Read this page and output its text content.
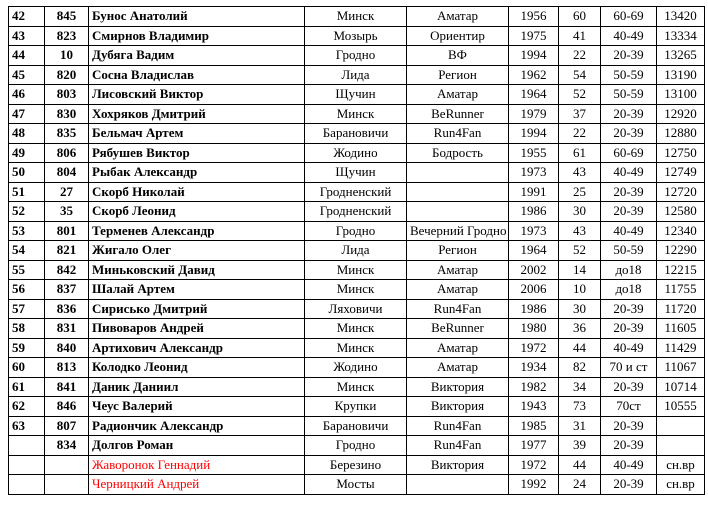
42	845	Бунос Анатолий	Минск	Аматар	1956	60	60-69	13420
43	823	Смирнов Владимир	Мозырь	Ориентир	1975	41	40-49	13334
44	10	Дубяга Вадим	Гродно	ВФ	1994	22	20-39	13265
45	820	Сосна Владислав	Лида	Регион	1962	54	50-59	13190
46	803	Лисовский Виктор	Щучин	Аматар	1964	52	50-59	13100
47	830	Хохряков Дмитрий	Минск	BeRunner	1979	37	20-39	12920
48	835	Бельмач Артем	Барановичи	Run4Fan	1994	22	20-39	12880
49	806	Рябушев Виктор	Жодино	Бодрость	1955	61	60-69	12750
50	804	Рыбак Александр	Щучин		1973	43	40-49	12749
51	27	Скорб Николай	Гродненский		1991	25	20-39	12720
52	35	Скорб Леонид	Гродненский		1986	30	20-39	12580
53	801	Терменев Александр	Гродно	Вечерний Гродно	1973	43	40-49	12340
54	821	Жигало Олег	Лида	Регион	1964	52	50-59	12290
55	842	Миньковский Давид	Минск	Аматар	2002	14	до18	12215
56	837	Шалай Артем	Минск	Аматар	2006	10	до18	11755
57	836	Сирисько Дмитрий	Ляховичи	Run4Fan	1986	30	20-39	11720
58	831	Пивоваров Андрей	Минск	BeRunner	1980	36	20-39	11605
59	840	Артихович Александр	Минск	Аматар	1972	44	40-49	11429
60	813	Колодко Леонид	Жодино	Аматар	1934	82	70 и ст	11067
61	841	Даник Даниил	Минск	Виктория	1982	34	20-39	10714
62	846	Чеус Валерий	Крупки	Виктория	1943	73	70ст	10555
63	807	Радиончик Александр	Барановичи	Run4Fan	1985	31	20-39	
	834	Долгов Роман	Гродно	Run4Fan	1977	39	20-39	
		Жаворонок Геннадий	Березино	Виктория	1972	44	40-49	сн.вр
		Черницкий Андрей	Мосты		1992	24	20-39	сн.вр
